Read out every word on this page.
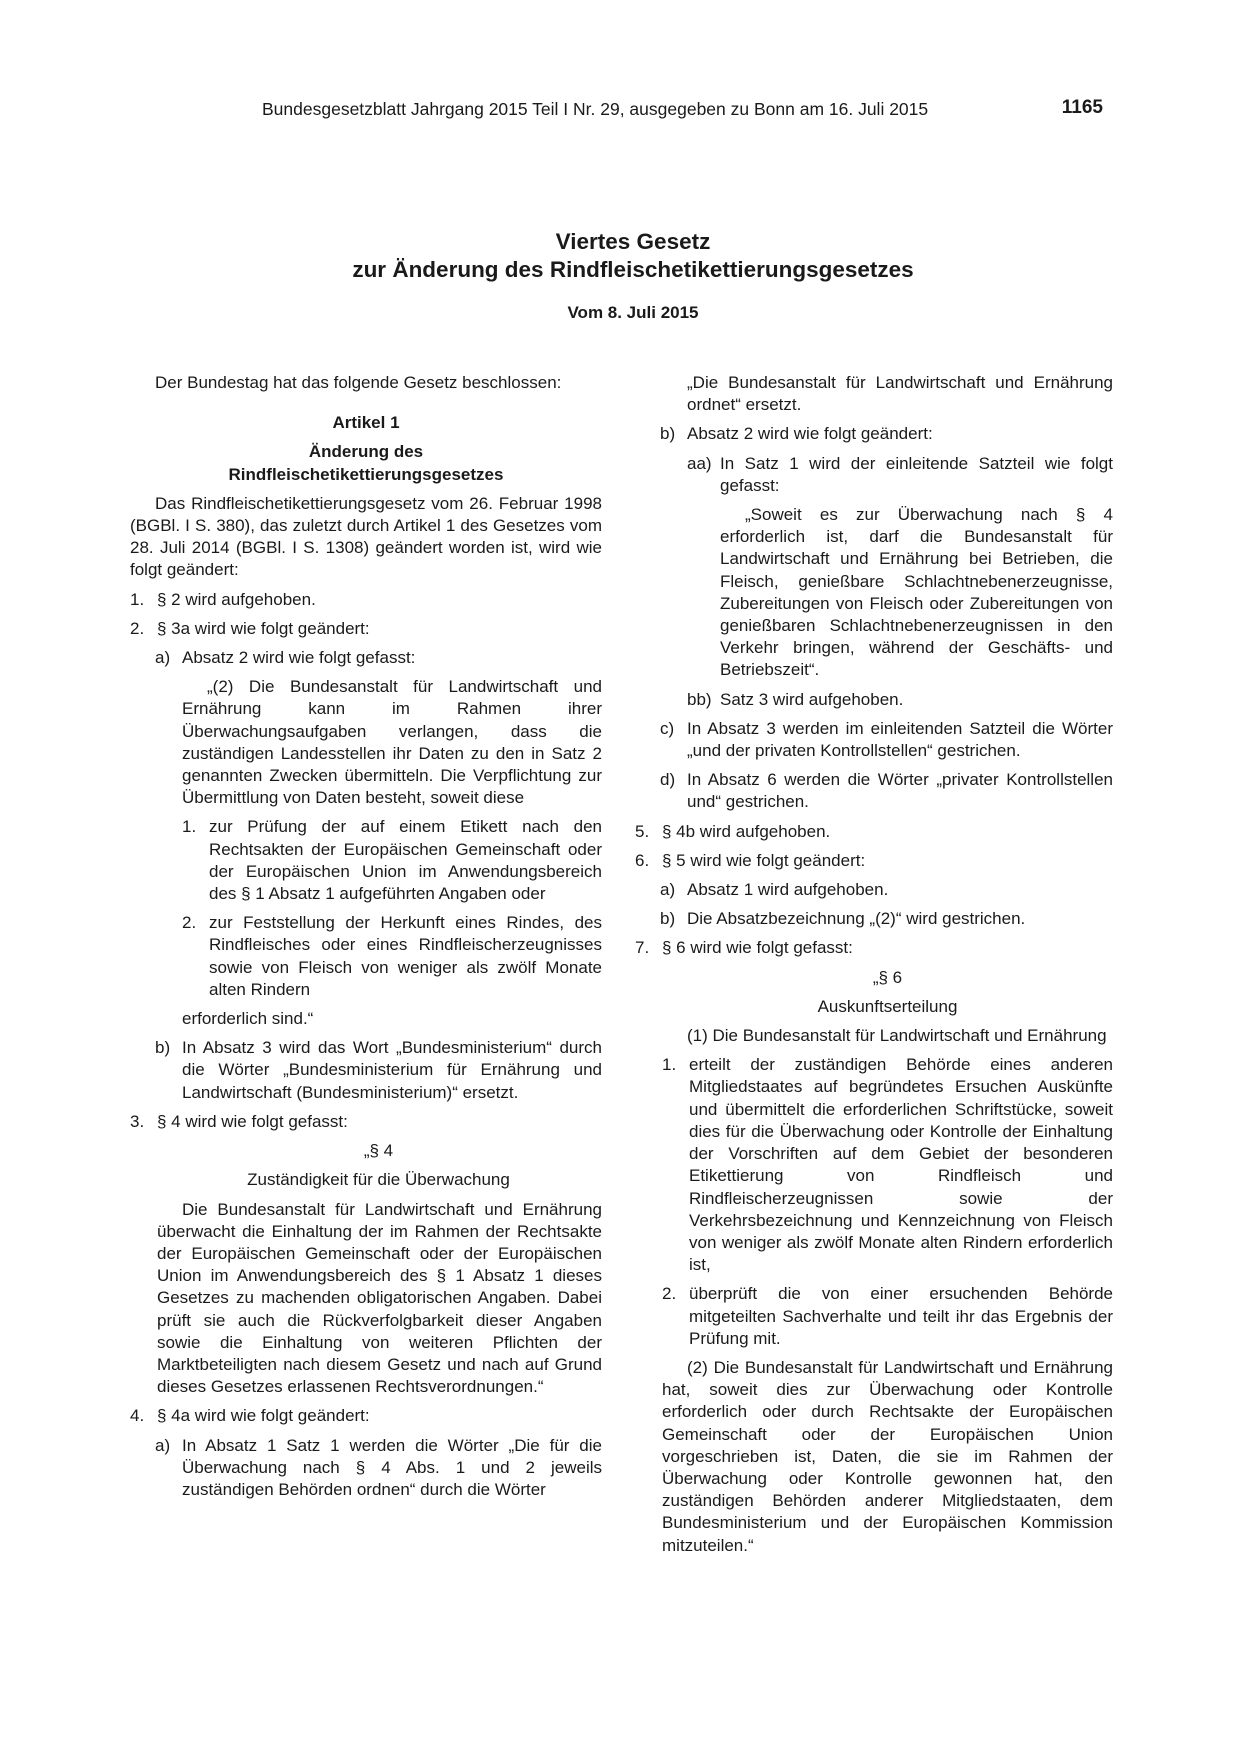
Bundesgesetzblatt Jahrgang 2015 Teil I Nr. 29, ausgegeben zu Bonn am 16. Juli 2015	1165
Viertes Gesetz
zur Änderung des Rindfleischetikettierungsgesetzes
Vom 8. Juli 2015

Der Bundestag hat das folgende Gesetz beschlossen:

Artikel 1

Änderung des

Rindfleischetikettierungsgesetzes

Das Rindfleischetikettierungsgesetz vom 26. Februar 1998 (BGBl. I S. 380), das zuletzt durch Artikel 1 des Gesetzes vom 28. Juli 2014 (BGBl. I S. 1308) geändert worden ist, wird wie folgt geändert:

1. § 2 wird aufgehoben.
2. § 3a wird wie folgt geändert:
a) Absatz 2 wird wie folgt gefasst:

„(2) Die Bundesanstalt für Landwirtschaft und Ernährung kann im Rahmen ihrer Überwachungsaufgaben verlangen, dass die zuständigen Landesstellen ihr Daten zu den in Satz 2 genannten Zwecken übermitteln. Die Verpflichtung zur Übermittlung von Daten besteht, soweit diese

1. zur Prüfung der auf einem Etikett nach den Rechtsakten der Europäischen Gemeinschaft oder der Europäischen Union im Anwendungsbereich des § 1 Absatz 1 aufgeführten Angaben oder
2. zur Feststellung der Herkunft eines Rindes, des Rindfleisches oder eines Rindfleischerzeugnisses sowie von Fleisch von weniger als zwölf Monate alten Rindern

erforderlich sind.“

b) In Absatz 3 wird das Wort „Bundesministerium“ durch die Wörter „Bundesministerium für Ernährung und Landwirtschaft (Bundesministerium)“ ersetzt.
3. § 4 wird wie folgt gefasst:

„§ 4

Zuständigkeit für die Überwachung

Die Bundesanstalt für Landwirtschaft und Ernährung überwacht die Einhaltung der im Rahmen der Rechtsakte der Europäischen Gemeinschaft oder der Europäischen Union im Anwendungsbereich des § 1 Absatz 1 dieses Gesetzes zu machenden obligatorischen Angaben. Dabei prüft sie auch die Rückverfolgbarkeit dieser Angaben sowie die Einhaltung von weiteren Pflichten der Marktbeteiligten nach diesem Gesetz und nach auf Grund dieses Gesetzes erlassenen Rechtsverordnungen.“

4. § 4a wird wie folgt geändert:
a) In Absatz 1 Satz 1 werden die Wörter „Die für die Überwachung nach § 4 Abs. 1 und 2 jeweils zuständigen Behörden ordnen“ durch die Wörter

„Die Bundesanstalt für Landwirtschaft und Ernährung ordnet“ ersetzt.

b) Absatz 2 wird wie folgt geändert:
aa) In Satz 1 wird der einleitende Satzteil wie folgt gefasst:

„Soweit es zur Überwachung nach § 4 erforderlich ist, darf die Bundesanstalt für Landwirtschaft und Ernährung bei Betrieben, die Fleisch, genießbare Schlachtnebenerzeugnisse, Zubereitungen von Fleisch oder Zubereitungen von genießbaren Schlachtnebenerzeugnissen in den Verkehr bringen, während der Geschäfts- und Betriebszeit“.

bb) Satz 3 wird aufgehoben.
c) In Absatz 3 werden im einleitenden Satzteil die Wörter „und der privaten Kontrollstellen“ gestrichen.
d) In Absatz 6 werden die Wörter „privater Kontrollstellen und“ gestrichen.
5. § 4b wird aufgehoben.
6. § 5 wird wie folgt geändert:
a) Absatz 1 wird aufgehoben.
b) Die Absatzbezeichnung „(2)“ wird gestrichen.
7. § 6 wird wie folgt gefasst:

„§ 6

Auskunftserteilung

(1) Die Bundesanstalt für Landwirtschaft und Ernährung

1. erteilt der zuständigen Behörde eines anderen Mitgliedstaates auf begründetes Ersuchen Auskünfte und übermittelt die erforderlichen Schriftstücke, soweit dies für die Überwachung oder Kontrolle der Einhaltung der Vorschriften auf dem Gebiet der besonderen Etikettierung von Rindfleisch und Rindfleischerzeugnissen sowie der Verkehrsbezeichnung und Kennzeichnung von Fleisch von weniger als zwölf Monate alten Rindern erforderlich ist,
2. überprüft die von einer ersuchenden Behörde mitgeteilten Sachverhalte und teilt ihr das Ergebnis der Prüfung mit.

(2) Die Bundesanstalt für Landwirtschaft und Ernährung hat, soweit dies zur Überwachung oder Kontrolle erforderlich oder durch Rechtsakte der Europäischen Gemeinschaft oder der Europäischen Union vorgeschrieben ist, Daten, die sie im Rahmen der Überwachung oder Kontrolle gewonnen hat, den zuständigen Behörden anderer Mitgliedstaaten, dem Bundesministerium und der Europäischen Kommission mitzuteilen.“
